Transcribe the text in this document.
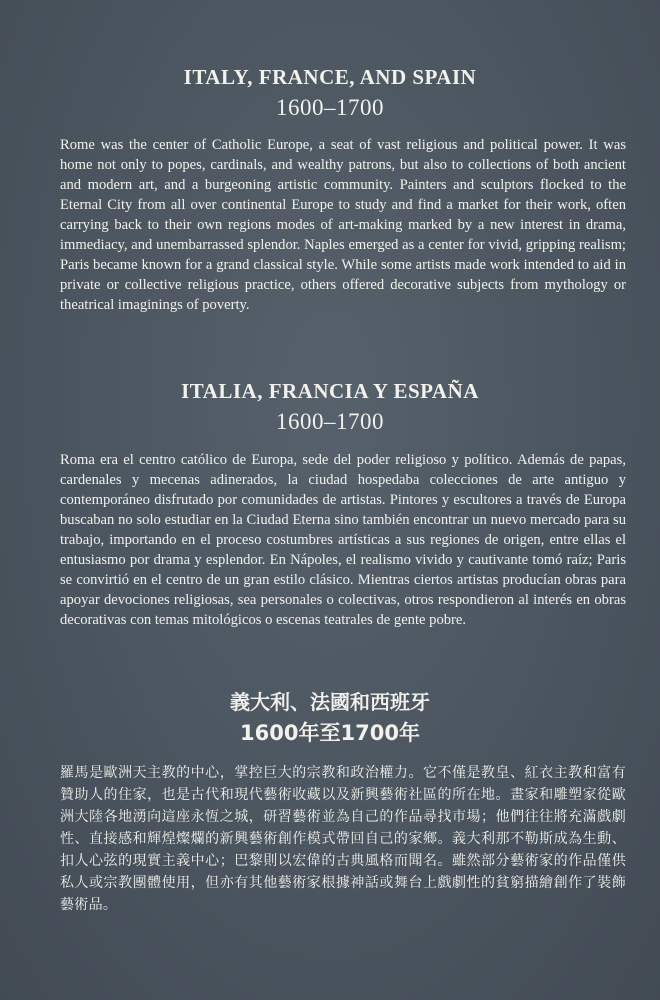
ITALY, FRANCE, AND SPAIN
1600–1700

Rome was the center of Catholic Europe, a seat of vast religious and political power. It was home not only to popes, cardinals, and wealthy patrons, but also to collections of both ancient and modern art, and a burgeoning artistic community. Painters and sculptors flocked to the Eternal City from all over continental Europe to study and find a market for their work, often carrying back to their own regions modes of art-making marked by a new interest in drama, immediacy, and unembarrassed splendor. Naples emerged as a center for vivid, gripping realism; Paris became known for a grand classical style. While some artists made work intended to aid in private or collective religious practice, others offered decorative subjects from mythology or theatrical imaginings of poverty.

ITALIA, FRANCIA Y ESPAÑA
1600–1700

Roma era el centro católico de Europa, sede del poder religioso y político. Además de papas, cardenales y mecenas adinerados, la ciudad hospedaba colecciones de arte antiguo y contemporáneo disfrutado por comunidades de artistas. Pintores y escultores a través de Europa buscaban no solo estudiar en la Ciudad Eterna sino también encontrar un nuevo mercado para su trabajo, importando en el proceso costumbres artísticas a sus regiones de origen, entre ellas el entusiasmo por drama y esplendor. En Nápoles, el realismo vivido y cautivante tomó raíz; Paris se convirtió en el centro de un gran estilo clásico. Mientras ciertos artistas producían obras para apoyar devociones religiosas, sea personales o colectivas, otros respondieron al interés en obras decorativas con temas mitológicos o escenas teatrales de gente pobre.

義大利、法國和西班牙
1600年至1700年

羅馬是歐洲天主教的中心，掌控巨大的宗教和政治權力。它不僅是教皇、紅衣主教和富有贊助人的住家，也是古代和現代藝術收藏以及新興藝術社區的所在地。畫家和雕塑家從歐洲大陸各地湧向這座永恆之城，研習藝術並為自己的作品尋找市場；他們往往將充滿戲劇性、直接感和輝煌燦爛的新興藝術創作模式帶回自己的家鄉。義大利那不勒斯成為生動、扣人心弦的現實主義中心；巴黎則以宏偉的古典風格而聞名。雖然部分藝術家的作品僅供私人或宗教團體使用，但亦有其他藝術家根據神話或舞台上戲劇性的貧窮描繪創作了裝飾藝術品。
